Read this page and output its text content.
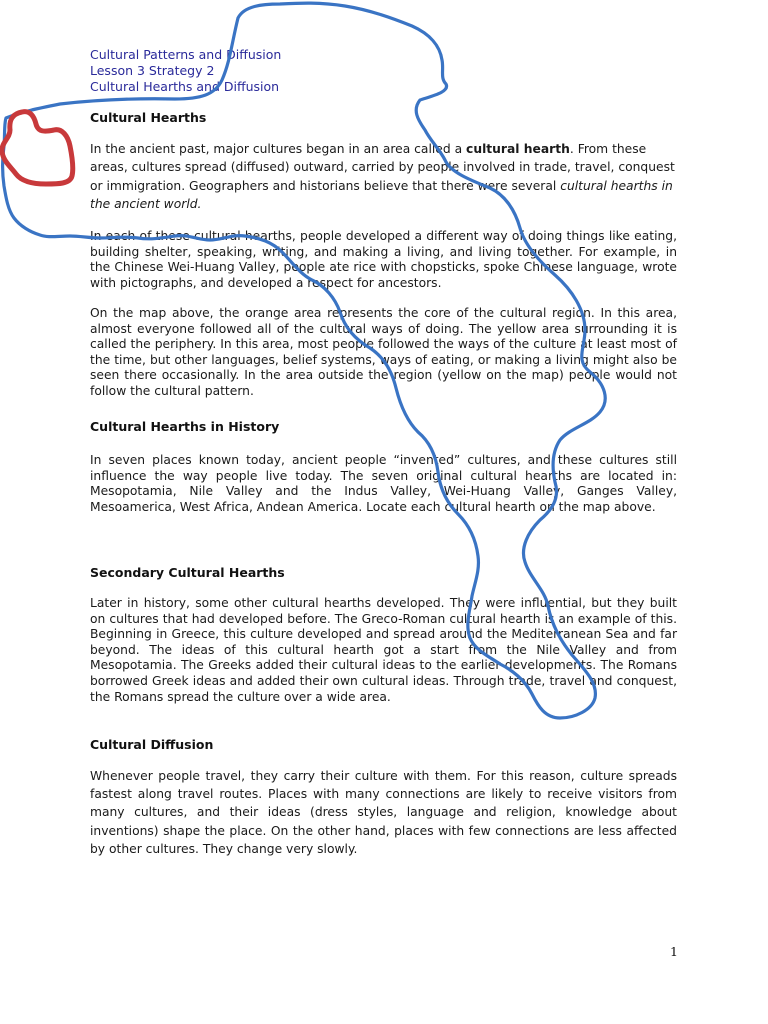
Cultural Patterns and Diffusion
Lesson 3 Strategy 2
Cultural Hearths and Diffusion
Cultural Hearths
In the ancient past, major cultures began in an area called a cultural hearth. From these areas, cultures spread (diffused) outward, carried by people involved in trade, travel, conquest or immigration. Geographers and historians believe that there were several cultural hearths in the ancient world.
In each of these cultural hearths, people developed a different way of doing things like eating, building shelter, speaking, writing, and making a living, and living together. For example, in the Chinese Wei-Huang Valley, people ate rice with chopsticks, spoke Chinese language, wrote with pictographs, and developed a respect for ancestors.
On the map above, the orange area represents the core of the cultural region. In this area, almost everyone followed all of the cultural ways of doing. The yellow area surrounding it is called the periphery. In this area, most people followed the ways of the culture at least most of the time, but other languages, belief systems, ways of eating, or making a living might also be seen there occasionally. In the area outside the region (yellow on the map) people would not follow the cultural pattern.
Cultural Hearths in History
In seven places known today, ancient people “invented” cultures, and these cultures still influence the way people live today. The seven original cultural hearths are located in: Mesopotamia, Nile Valley and the Indus Valley, Wei-Huang Valley, Ganges Valley, Mesoamerica, West Africa, Andean America. Locate each cultural hearth on the map above.
Secondary Cultural Hearths
Later in history, some other cultural hearths developed. They were influential, but they built on cultures that had developed before. The Greco-Roman cultural hearth is an example of this. Beginning in Greece, this culture developed and spread around the Mediterranean Sea and far beyond. The ideas of this cultural hearth got a start from the Nile Valley and from Mesopotamia. The Greeks added their cultural ideas to the earlier developments. The Romans borrowed Greek ideas and added their own cultural ideas. Through trade, travel and conquest, the Romans spread the culture over a wide area.
Cultural Diffusion
Whenever people travel, they carry their culture with them. For this reason, culture spreads fastest along travel routes. Places with many connections are likely to receive visitors from many cultures, and their ideas (dress styles, language and religion, knowledge about inventions) shape the place. On the other hand, places with few connections are less affected by other cultures. They change very slowly.
1
